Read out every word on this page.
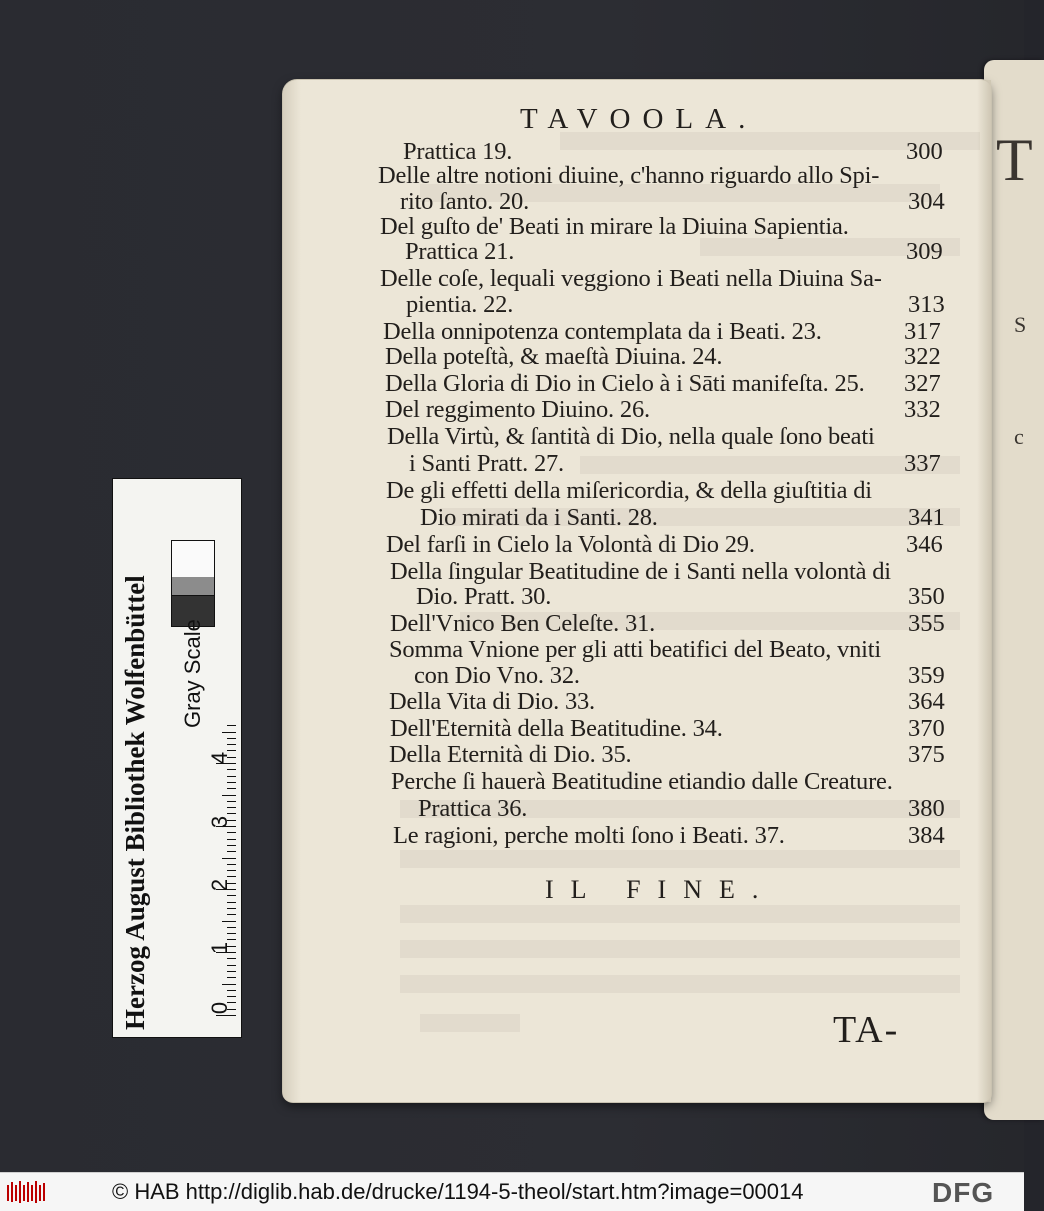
T
S
c
TAVOOLA.
Prattica 19.	300
Delle altre notioni diuine, c'hanno riguardo allo Spi-
rito ſanto. 20.	304
Del guſto de' Beati in mirare la Diuina Sapientia.
Prattica 21.	309
Delle coſe, lequali veggiono i Beati nella Diuina Sa-
pientia. 22.	313
Della onnipotenza contemplata da i Beati. 23.	317
Della poteſtà, & maeſtà Diuina. 24.	322
Della Gloria di Dio in Cielo à i Sāti manifeſta. 25. 327
Del reggimento Diuino. 26.	332
Della Virtù, & ſantità di Dio, nella quale ſono beati
i Santi Pratt. 27.	337
De gli effetti della miſericordia, & della giuſtitia di
Dio mirati da i Santi. 28.	341
Del farſi in Cielo la Volontà di Dio 29.	346
Della ſingular Beatitudine de i Santi nella volontà di
Dio. Pratt. 30.	350
Dell'Vnico Ben Celeſte. 31.	355
Somma Vnione per gli atti beatifici del Beato, vniti
con Dio Vno. 32.	359
Della Vita di Dio. 33.	364
Dell'Eternità della Beatitudine. 34.	370
Della Eternità di Dio. 35.	375
Perche ſi hauerà Beatitudine etiandio dalle Creature.
Prattica 36.	380
Le ragioni, perche molti ſono i Beati. 37.	384
IL FINE.
TA-
Gray Scale
0
1
2
3
4
© HAB http://diglib.hab.de/drucke/1194-5-theol/start.htm?image=00014	DFG
